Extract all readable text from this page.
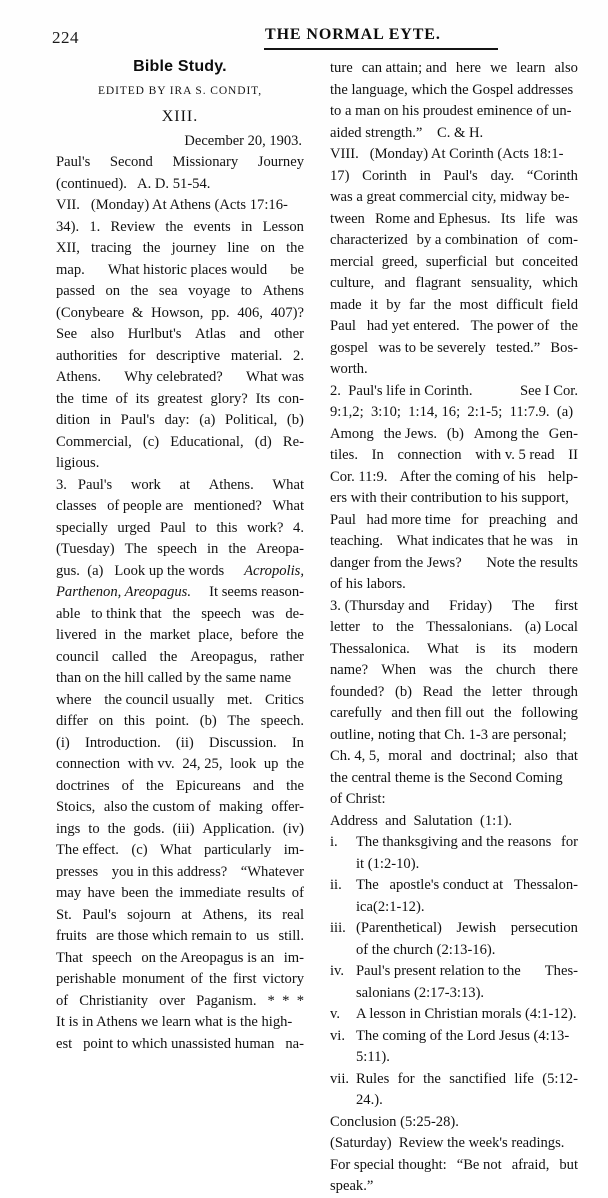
224	THE NORMAL EYTE.
Bible Study.
EDITED BY IRA S. CONDIT,
XIII.
December 20, 1903.
Paul's Second Missionary Journey
(continued).   A. D. 51-54.
VII.   (Monday) At Athens (Acts 17:16-
34). 1. Review the events in Lesson
XII, tracing the journey line on the
map. What historic places would be
passed on the sea voyage to Athens
(Conybeare & Howson, pp. 406, 407)?
See also Hurlbut's Atlas and other
authorities for descriptive material. 2.
Athens. Why celebrated? What was
the time of its greatest glory? Its con-
dition in Paul's day: (a) Political, (b)
Commercial, (c) Educational, (d) Re-
ligious.
3.   Paul's work at Athens. What
classes of people are mentioned? What
specially urged Paul to this work? 4.
(Tuesday) The speech in the Areopa-
gus.  (a)   Look up the words Acropolis,
Parthenon, Areopagus. It seems reason-
able to think that the speech was de-
livered in the market place, before the
council called the Areopagus, rather
than on the hill called by the same name
where the council usually met. Critics
differ on this point. (b) The speech.
(i) Introduction. (ii) Discussion. In
connection with vv. 24, 25, look up the
doctrines of the Epicureans and the
Stoics, also the custom of making offer-
ings to the gods. (iii) Application. (iv)
The effect. (c) What particularly im-
presses you in this address? “Whatever
may have been the immediate results of
St. Paul's sojourn at Athens, its real
fruits are those which remain to us still.
That speech on the Areopagus is an im-
perishable monument of the first victory
of Christianity over Paganism. *  *  *
It is in Athens we learn what is the high-
est point to which unassisted human na-
ture can attain; and here we learn also
the language, which the Gospel addresses
to a man on his proudest eminence of un-
aided strength.”    C. & H.
VIII.   (Monday) At Corinth (Acts 18:1-
17) Corinth in Paul's day. “Corinth
was a great commercial city, midway be-
tween Rome and Ephesus. Its life was
characterized by a combination of com-
mercial greed, superficial but conceited
culture, and flagrant sensuality, which
made it by far the most difficult field
Paul had yet entered. The power of the
gospel was to be severely tested.” Bos-
worth.
2.  Paul's life in Corinth.	See I Cor.
9:1,2;  3:10;  1:14, 16;  2:1-5;  11:7.9.  (a)
Among the Jews. (b) Among the Gen-
tiles. In connection with v. 5 read II
Cor. 11:9. After the coming of his help-
ers with their contribution to his support,
Paul had more time for preaching and
teaching. What indicates that he was in
danger from the Jews? Note the results
of his labors.
3. (Thursday and Friday) The first
letter to the Thessalonians. (a) Local
Thessalonica. What is its modern
name? When was the church there
founded? (b) Read the letter through
carefully and then fill out the following
outline, noting that Ch. 1-3 are personal;
Ch. 4, 5, moral and doctrinal; also that
the central theme is the Second Coming
of Christ:
Address  and  Salutation  (1:1).
i.	The thanksgiving and the reasons for
it (1:2-10).
ii. The apostle's conduct at Thessalon-
ica(2:1-12).
iii. (Parenthetical) Jewish persecution
of the church (2:13-16).
iv. Paul's present relation to the Thes-
salonians (2:17-3:13).
v.	A lesson in Christian morals (4:1-12).
vi. The coming of the Lord Jesus (4:13-
5:11).
vii. Rules for the sanctified life (5:12-
24.).
Conclusion (5:25-28).
(Saturday)  Review the week's readings.
For special thought: “Be not afraid, but
speak.”
